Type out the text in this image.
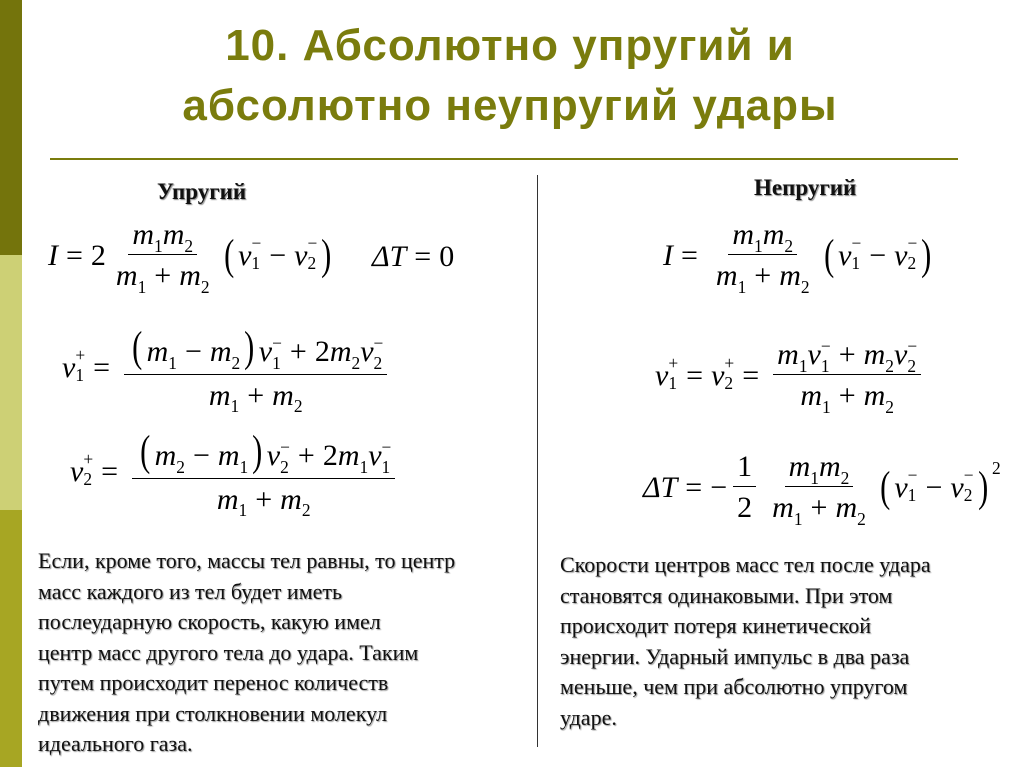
10. Абсолютно упругий и
абсолютно неупругий удары
Упругий
$I = 2 \frac{m_1m_2}{m_1 + m_2}$ ( v 1
− − v 2
− ) ΔT = 0
v 1
+ = $\frac{( m_1 - m_2) v_1^- + 2m_2v_2^-}{m_1 + m_2}$
v 2
+ = $\frac{( m_2 - m_1) v_2^- + 2m_1v_1^-}{m_1 + m_2}$
Если, кроме того, массы тел равны, то центр
масс каждого из тел будет иметь
послеударную скорость, какую имел
центр масс другого тела до удара. Таким
путем происходит перенос количеств
движения при столкновении молекул
идеального газа.
Непругий
$I = \frac{m_1m_2}{m_1 + m_2}$ ( v 1
− − v 2
− )
v 1
+ = v 2
+ = $\frac{m_1v_1^- + m_2v_2^-}{m_1 + m_2}$
ΔT = − $\frac{1}{2} \frac{m_1m_2}{m_1 + m_2}$ ( v 1
− − v 2
− ) 2
Скорости центров масс тел после удара
становятся одинаковыми. При этом
происходит потеря кинетической
энергии. Ударный импульс в два раза
меньше, чем при абсолютно упругом
ударе.
